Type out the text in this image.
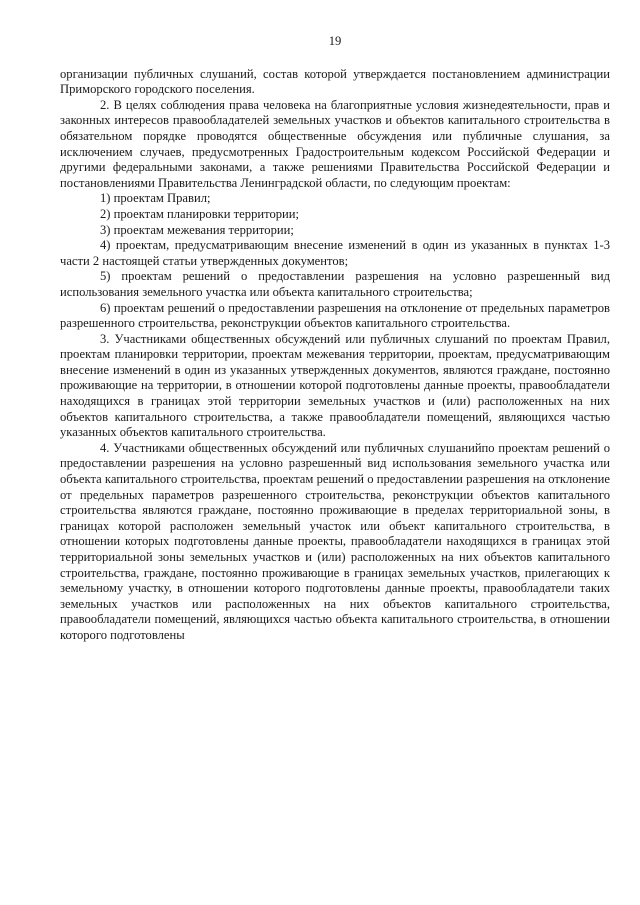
19

организации публичных слушаний, состав которой утверждается постановлением администрации Приморского городского поселения.

2. В целях соблюдения права человека на благоприятные условия жизнедеятельности, прав и законных интересов правообладателей земельных участков и объектов капитального строительства в обязательном порядке проводятся общественные обсуждения или публичные слушания, за исключением случаев, предусмотренных Градостроительным кодексом Российской Федерации и другими федеральными законами, а также решениями Правительства Российской Федерации и постановлениями Правительства Ленинградской области, по следующим проектам:

1) проектам Правил;

2) проектам планировки территории;

3) проектам межевания территории;

4) проектам, предусматривающим внесение изменений в один из указанных в пунктах 1-3 части 2 настоящей статьи утвержденных документов;

5) проектам решений о предоставлении разрешения на условно разрешенный вид использования земельного участка или объекта капитального строительства;

6) проектам решений о предоставлении разрешения на отклонение от предельных параметров разрешенного строительства, реконструкции объектов капитального строительства.

3. Участниками общественных обсуждений или публичных слушаний по проектам Правил, проектам планировки территории, проектам межевания территории, проектам, предусматривающим внесение изменений в один из указанных утвержденных документов, являются граждане, постоянно проживающие на территории, в отношении которой подготовлены данные проекты, правообладатели находящихся в границах этой территории земельных участков и (или) расположенных на них объектов капитального строительства, а также правообладатели помещений, являющихся частью указанных объектов капитального строительства.

4. Участниками общественных обсуждений или публичных слушанийпо проектам решений о предоставлении разрешения на условно разрешенный вид использования земельного участка или объекта капитального строительства, проектам решений о предоставлении разрешения на отклонение от предельных параметров разрешенного строительства, реконструкции объектов капитального строительства являются граждане, постоянно проживающие в пределах территориальной зоны, в границах которой расположен земельный участок или объект капитального строительства, в отношении которых подготовлены данные проекты, правообладатели находящихся в границах этой территориальной зоны земельных участков и (или) расположенных на них объектов капитального строительства, граждане, постоянно проживающие в границах земельных участков, прилегающих к земельному участку, в отношении которого подготовлены данные проекты, правообладатели таких земельных участков или расположенных на них объектов капитального строительства, правообладатели помещений, являющихся частью объекта капитального строительства, в отношении которого подготовлены
